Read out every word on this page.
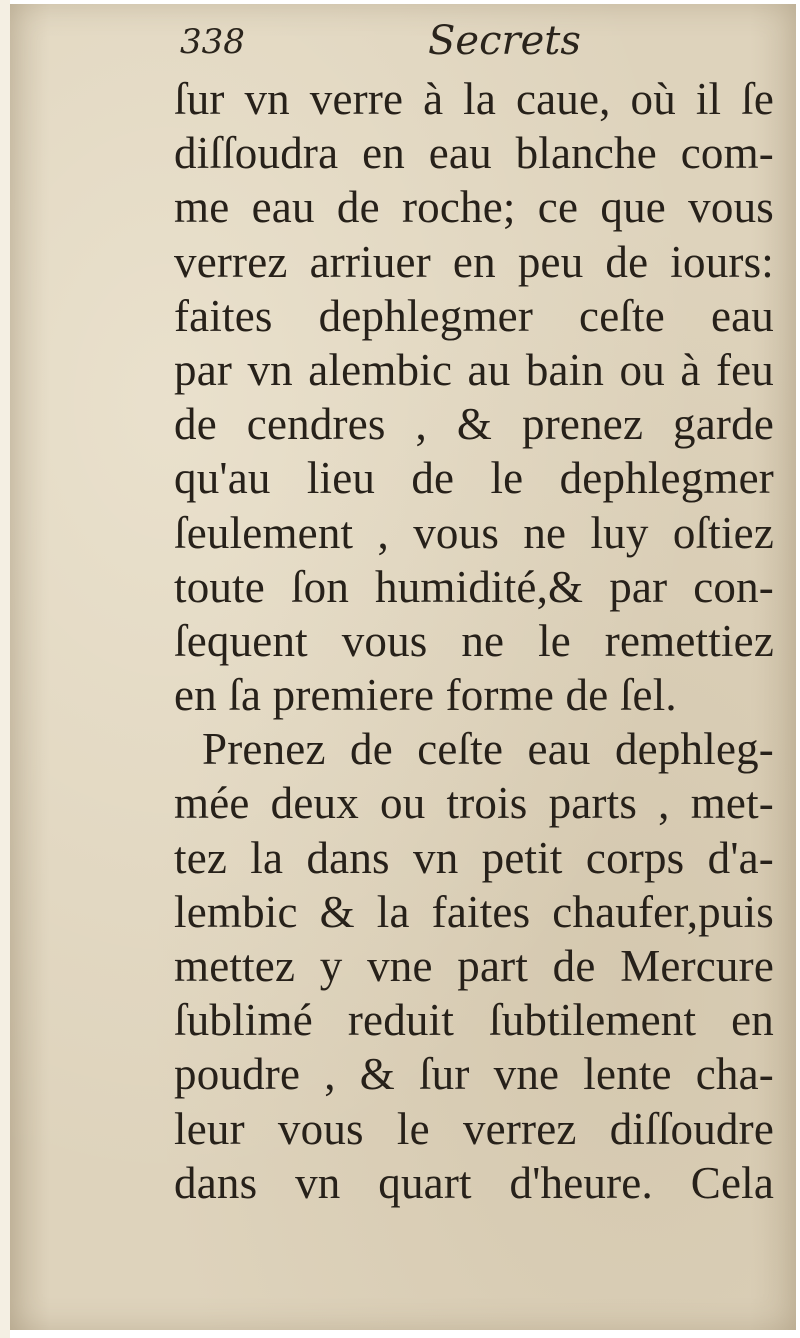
338	Secrets
ſur vn verre à la caue, où il ſe
diſſoudra en eau blanche com-
me eau de roche; ce que vous
verrez arriuer en peu de iours:
faites dephlegmer ceſte eau
par vn alembic au bain ou à feu
de cendres , & prenez garde
qu'au lieu de le dephlegmer
ſeulement , vous ne luy oſtiez
toute ſon humidité,& par con-
ſequent vous ne le remettiez
en ſa premiere forme de ſel.
Prenez de ceſte eau dephleg-
mée deux ou trois parts , met-
tez la dans vn petit corps d'a-
lembic & la faites chaufer,puis
mettez y vne part de Mercure
ſublimé reduit ſubtilement en
poudre , & ſur vne lente cha-
leur vous le verrez diſſoudre
dans vn quart d'heure. Cela
